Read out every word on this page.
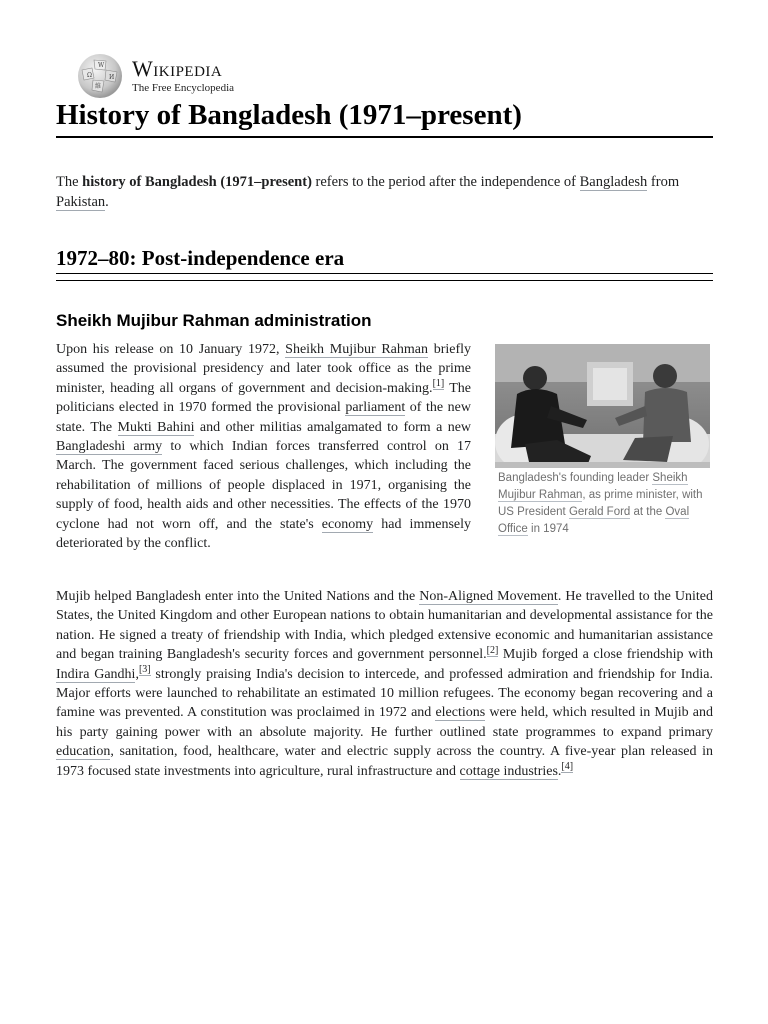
Ω
W
И
維
Wikipedia
The Free Encyclopedia
History of Bangladesh (1971–present)

The history of Bangladesh (1971–present) refers to the period after the independence of Bangladesh from Pakistan.

1972–80: Post-independence era
Sheikh Mujibur Rahman administration

Upon his release on 10 January 1972, Sheikh Mujibur Rahman briefly assumed the provisional presidency and later took office as the prime minister, heading all organs of government and decision-making.[1] The politicians elected in 1970 formed the provisional parliament of the new state. The Mukti Bahini and other militias amalgamated to form a new Bangladeshi army to which Indian forces transferred control on 17 March. The government faced serious challenges, which including the rehabilitation of millions of people displaced in 1971, organising the supply of food, health aids and other necessities. The effects of the 1970 cyclone had not worn off, and the state's economy had immensely deteriorated by the conflict.

Bangladesh's founding leader Sheikh Mujibur Rahman, as prime minister, with US President Gerald Ford at the Oval Office in 1974

Mujib helped Bangladesh enter into the United Nations and the Non-Aligned Movement. He travelled to the United States, the United Kingdom and other European nations to obtain humanitarian and developmental assistance for the nation. He signed a treaty of friendship with India, which pledged extensive economic and humanitarian assistance and began training Bangladesh's security forces and government personnel.[2] Mujib forged a close friendship with Indira Gandhi,[3] strongly praising India's decision to intercede, and professed admiration and friendship for India. Major efforts were launched to rehabilitate an estimated 10 million refugees. The economy began recovering and a famine was prevented. A constitution was proclaimed in 1972 and elections were held, which resulted in Mujib and his party gaining power with an absolute majority. He further outlined state programmes to expand primary education, sanitation, food, healthcare, water and electric supply across the country. A five-year plan released in 1973 focused state investments into agriculture, rural infrastructure and cottage industries.[4]
